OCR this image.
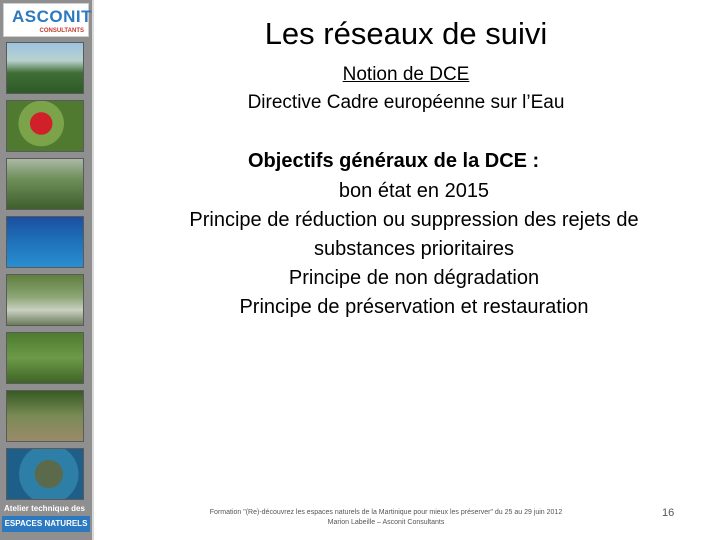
ASCONIT
CONSULTANTS
Atelier technique des
ESPACES NATURELS
Les réseaux de suivi
Notion de DCE
Directive Cadre européenne sur l’Eau
Objectifs généraux de la DCE :
bon état en 2015
Principe de réduction ou suppression des rejets de substances prioritaires
Principe de non dégradation
Principe de préservation et restauration
Formation "(Re)-découvrez les espaces naturels de la Martinique pour mieux les préserver" du 25 au 29 juin 2012
Marion Labeille – Asconit Consultants
16
